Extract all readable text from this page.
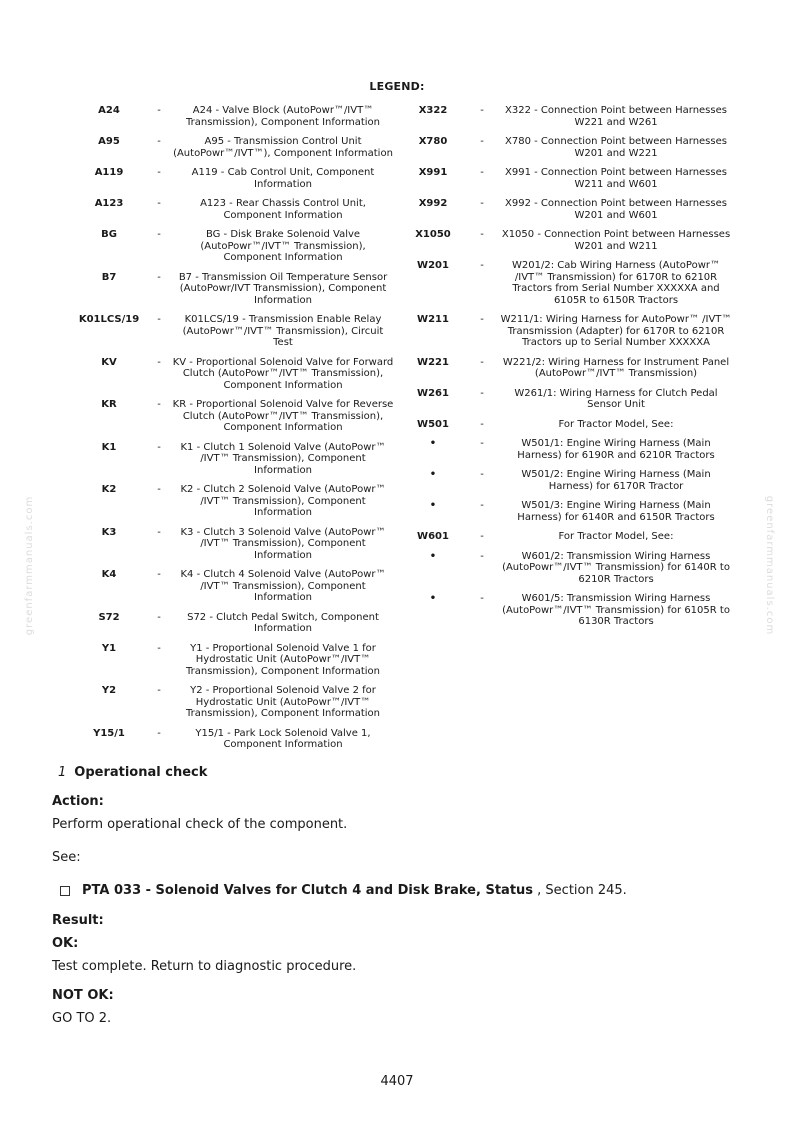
LEGEND:
greenfarmmanuals.com	greenfarmmanuals.com
A24	-	A24 - Valve Block (AutoPowr™/IVT™ Transmission), Component Information
A95	-	A95 - Transmission Control Unit (AutoPowr™/IVT™), Component Information
A119	-	A119 - Cab Control Unit, Component Information
A123	-	A123 - Rear Chassis Control Unit, Component Information
BG	-	BG - Disk Brake Solenoid Valve (AutoPowr™/IVT™ Transmission), Component Information
B7	-	B7 - Transmission Oil Temperature Sensor (AutoPowr/IVT Transmission), Component Information
K01LCS/19	-	K01LCS/19 - Transmission Enable Relay (AutoPowr™/IVT™ Transmission), Circuit Test
KV	-	KV - Proportional Solenoid Valve for Forward Clutch (AutoPowr™/IVT™ Transmission), Component Information
KR	-	KR - Proportional Solenoid Valve for Reverse Clutch (AutoPowr™/IVT™ Transmission), Component Information
K1	-	K1 - Clutch 1 Solenoid Valve (AutoPowr™ /IVT™ Transmission), Component Information
K2	-	K2 - Clutch 2 Solenoid Valve (AutoPowr™ /IVT™ Transmission), Component Information
K3	-	K3 - Clutch 3 Solenoid Valve (AutoPowr™ /IVT™ Transmission), Component Information
K4	-	K4 - Clutch 4 Solenoid Valve (AutoPowr™ /IVT™ Transmission), Component Information
S72	-	S72 - Clutch Pedal Switch, Component Information
Y1	-	Y1 - Proportional Solenoid Valve 1 for Hydrostatic Unit (AutoPowr™/IVT™ Transmission), Component Information
Y2	-	Y2 - Proportional Solenoid Valve 2 for Hydrostatic Unit (AutoPowr™/IVT™ Transmission), Component Information
Y15/1	-	Y15/1 - Park Lock Solenoid Valve 1, Component Information
X322	-	X322 - Connection Point between Harnesses W221 and W261
X780	-	X780 - Connection Point between Harnesses W201 and W221
X991	-	X991 - Connection Point between Harnesses W211 and W601
X992	-	X992 - Connection Point between Harnesses W201 and W601
X1050	-	X1050 - Connection Point between Harnesses W201 and W211
W201	-	W201/2: Cab Wiring Harness (AutoPowr™ /IVT™ Transmission) for 6170R to 6210R Tractors from Serial Number XXXXXA and 6105R to 6150R Tractors
W211	-	W211/1: Wiring Harness for AutoPowr™ /IVT™ Transmission (Adapter) for 6170R to 6210R Tractors up to Serial Number XXXXXA
W221	-	W221/2: Wiring Harness for Instrument Panel (AutoPowr™/IVT™ Transmission)
W261	-	W261/1: Wiring Harness for Clutch Pedal Sensor Unit
W501	-	For Tractor Model, See:
•	-	W501/1: Engine Wiring Harness (Main Harness) for 6190R and 6210R Tractors
•	-	W501/2: Engine Wiring Harness (Main Harness) for 6170R Tractor
•	-	W501/3: Engine Wiring Harness (Main Harness) for 6140R and 6150R Tractors
W601	-	For Tractor Model, See:
•	-	W601/2: Transmission Wiring Harness (AutoPowr™/IVT™ Transmission) for 6140R to 6210R Tractors
•	-	W601/5: Transmission Wiring Harness (AutoPowr™/IVT™ Transmission) for 6105R to 6130R Tractors
1 Operational check
Action:
Perform operational check of the component.
See:
PTA 033 - Solenoid Valves for Clutch 4 and Disk Brake, Status , Section 245.
Result:
OK:
Test complete. Return to diagnostic procedure.
NOT OK:
GO TO 2.
4407
